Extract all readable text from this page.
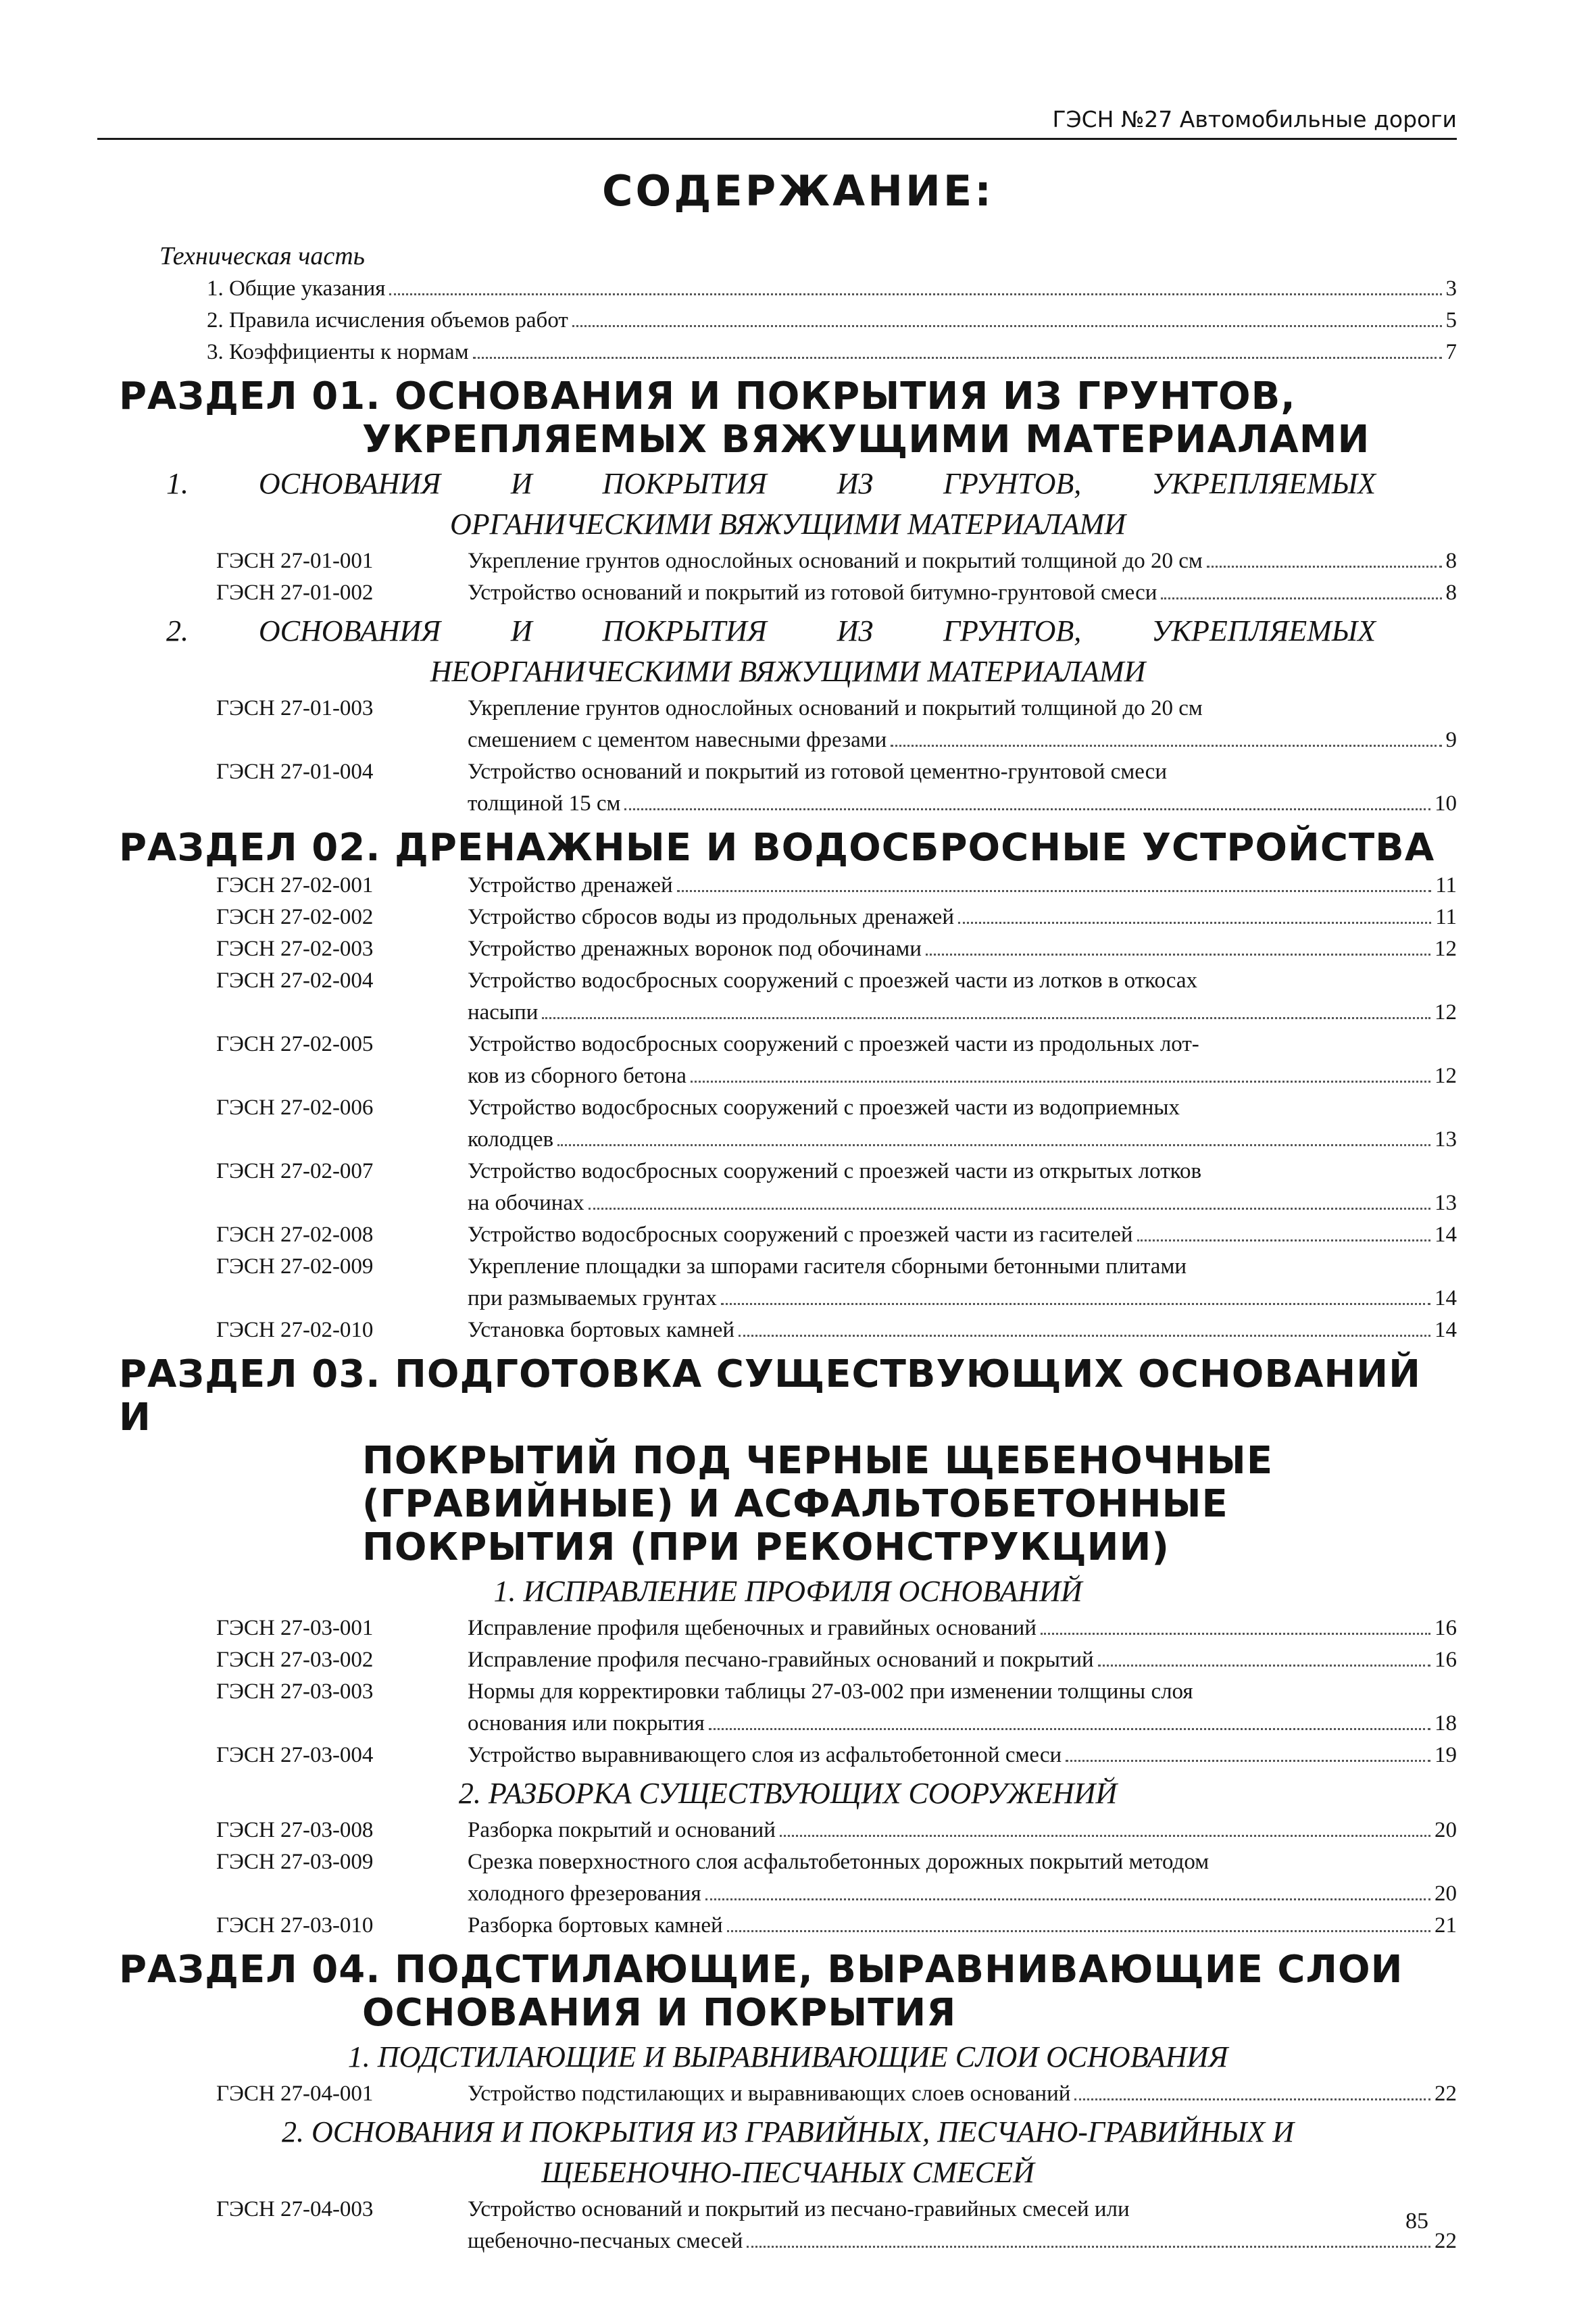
ГЭСН №27 Автомобильные дороги
СОДЕРЖАНИЕ:
Техническая часть
1. Общие указания	3
2. Правила исчисления объемов работ	5
3. Коэффициенты к нормам	7
РАЗДЕЛ 01. ОСНОВАНИЯ И ПОКРЫТИЯ ИЗ ГРУНТОВ,
УКРЕПЛЯЕМЫХ ВЯЖУЩИМИ МАТЕРИАЛАМИ
1. ОСНОВАНИЯ И ПОКРЫТИЯ ИЗ ГРУНТОВ, УКРЕПЛЯЕМЫХ
ОРГАНИЧЕСКИМИ ВЯЖУЩИМИ МАТЕРИАЛАМИ
ГЭСН 27-01-001	Укрепление грунтов однослойных оснований и покрытий толщиной до 20 см	8
ГЭСН 27-01-002	Устройство оснований и покрытий из готовой битумно-грунтовой смеси	8
2. ОСНОВАНИЯ И ПОКРЫТИЯ ИЗ ГРУНТОВ, УКРЕПЛЯЕМЫХ
НЕОРГАНИЧЕСКИМИ ВЯЖУЩИМИ МАТЕРИАЛАМИ
ГЭСН 27-01-003	Укрепление грунтов однослойных оснований и покрытий толщиной до 20 см
смешением с цементом навесными фрезами	9
ГЭСН 27-01-004	Устройство оснований и покрытий из готовой цементно-грунтовой смеси
толщиной 15 см	10
РАЗДЕЛ 02. ДРЕНАЖНЫЕ И ВОДОСБРОСНЫЕ УСТРОЙСТВА
ГЭСН 27-02-001	Устройство дренажей	11
ГЭСН 27-02-002	Устройство сбросов воды из продольных дренажей	11
ГЭСН 27-02-003	Устройство дренажных воронок под обочинами	12
ГЭСН 27-02-004	Устройство водосбросных сооружений с проезжей части из лотков в откосах
насыпи	12
ГЭСН 27-02-005	Устройство водосбросных сооружений с проезжей части из продольных лот-
ков из сборного бетона	12
ГЭСН 27-02-006	Устройство водосбросных сооружений с проезжей части из водоприемных
колодцев	13
ГЭСН 27-02-007	Устройство водосбросных сооружений с проезжей части из открытых лотков
на обочинах	13
ГЭСН 27-02-008	Устройство водосбросных сооружений с проезжей части из гасителей	14
ГЭСН 27-02-009	Укрепление площадки за шпорами гасителя сборными бетонными плитами
при размываемых грунтах	14
ГЭСН 27-02-010	Установка бортовых камней	14
РАЗДЕЛ 03. ПОДГОТОВКА СУЩЕСТВУЮЩИХ ОСНОВАНИЙ И
ПОКРЫТИЙ ПОД ЧЕРНЫЕ ЩЕБЕНОЧНЫЕ
(ГРАВИЙНЫЕ) И АСФАЛЬТОБЕТОННЫЕ
ПОКРЫТИЯ (ПРИ РЕКОНСТРУКЦИИ)
1. ИСПРАВЛЕНИЕ ПРОФИЛЯ ОСНОВАНИЙ
ГЭСН 27-03-001	Исправление профиля щебеночных и гравийных оснований	16
ГЭСН 27-03-002	Исправление профиля песчано-гравийных оснований и покрытий	16
ГЭСН 27-03-003	Нормы для корректировки таблицы 27-03-002 при изменении толщины слоя
основания или покрытия	18
ГЭСН 27-03-004	Устройство выравнивающего слоя из асфальтобетонной смеси	19
2. РАЗБОРКА СУЩЕСТВУЮЩИХ СООРУЖЕНИЙ
ГЭСН 27-03-008	Разборка покрытий и оснований	20
ГЭСН 27-03-009	Срезка поверхностного слоя асфальтобетонных дорожных покрытий методом
холодного фрезерования	20
ГЭСН 27-03-010	Разборка бортовых камней	21
РАЗДЕЛ 04. ПОДСТИЛАЮЩИЕ, ВЫРАВНИВАЮЩИЕ СЛОИ
ОСНОВАНИЯ И ПОКРЫТИЯ
1. ПОДСТИЛАЮЩИЕ И ВЫРАВНИВАЮЩИЕ СЛОИ ОСНОВАНИЯ
ГЭСН 27-04-001	Устройство подстилающих и выравнивающих слоев оснований	22
2. ОСНОВАНИЯ И ПОКРЫТИЯ ИЗ ГРАВИЙНЫХ, ПЕСЧАНО-ГРАВИЙНЫХ И
ЩЕБЕНОЧНО-ПЕСЧАНЫХ СМЕСЕЙ
ГЭСН 27-04-003	Устройство оснований и покрытий из песчано-гравийных смесей или
щебеночно-песчаных смесей	22
85
